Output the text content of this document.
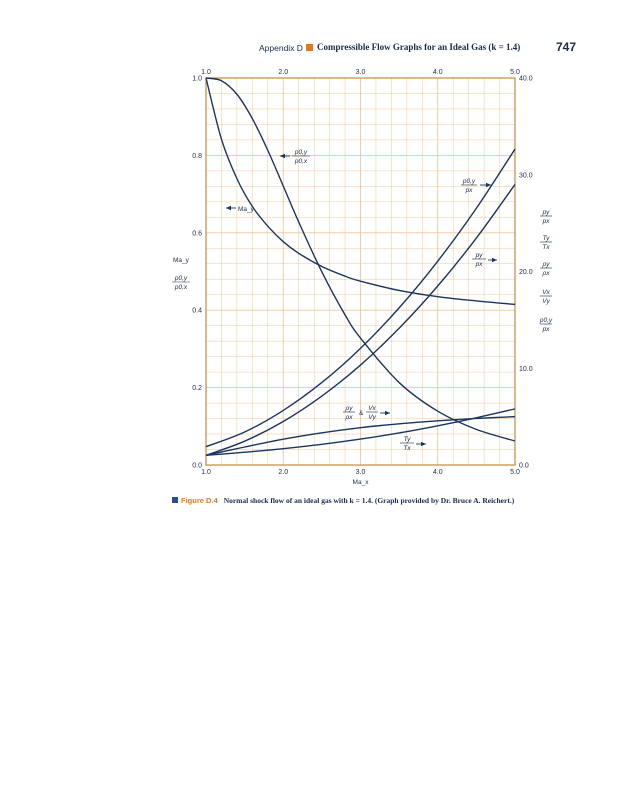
Appendix D Compressible Flow Graphs for an Ideal Gas (k = 1.4)	747
1.0
1.0
2.0
2.0
3.0
3.0
4.0
4.0
5.0
5.0
0.0
0.2
0.4
0.6
0.8
1.0
0.0
10.0
20.0
30.0
40.0
p0,y
p0,x
Ma_y
p0,y
px
py
px
ρy
ρx
&
Vx
Vy
Ty
Tx
p0,y
p0,x
py
px
Ty
Tx
ρy
ρx
Vx
Vy
p0,y
px
Ma_x
Ma_y
Figure D.4 Normal shock flow of an ideal gas with k = 1.4. (Graph provided by Dr. Bruce A. Reichert.)
